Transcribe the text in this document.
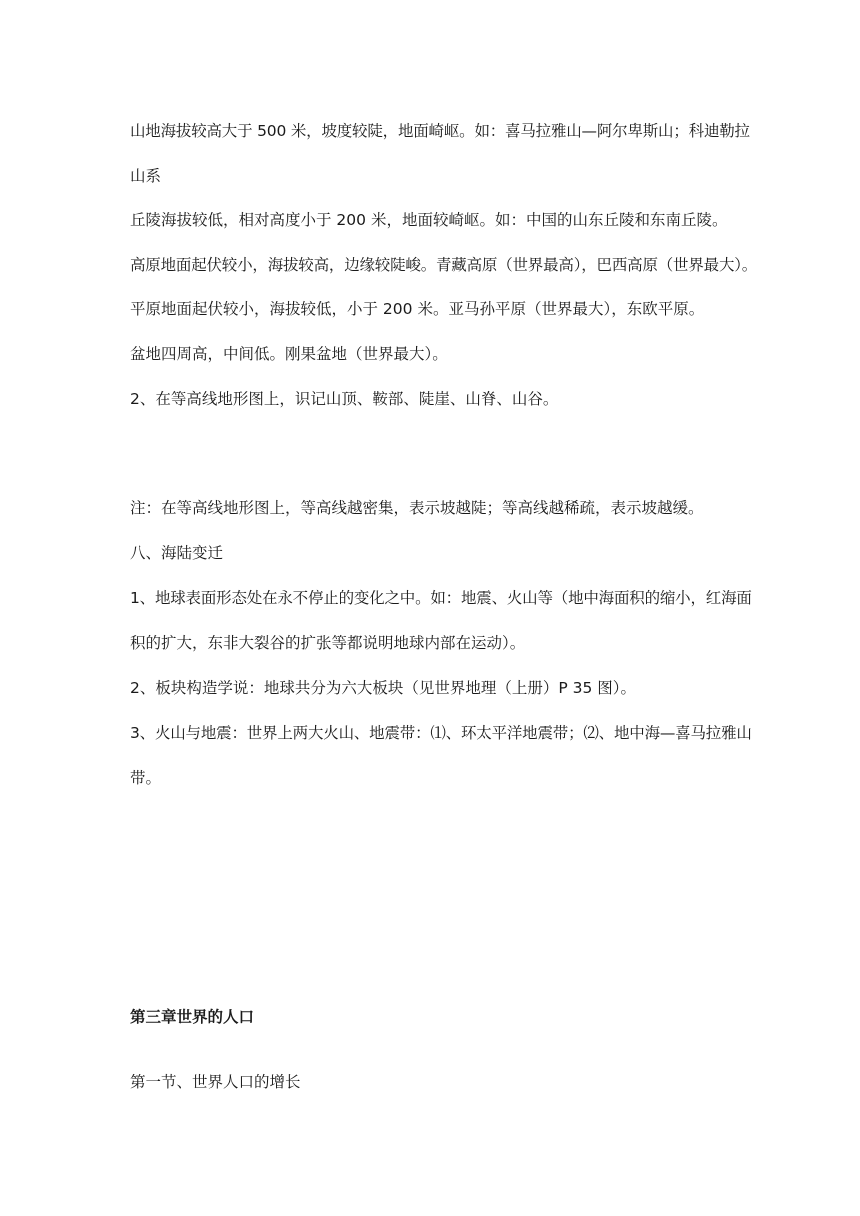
山地海拔较高大于 500 米，坡度较陡，地面崎岖。如：喜马拉雅山—阿尔卑斯山；科迪勒拉
山系
丘陵海拔较低，相对高度小于 200 米，地面较崎岖。如：中国的山东丘陵和东南丘陵。
高原地面起伏较小，海拔较高，边缘较陡峻。青藏高原（世界最高），巴西高原（世界最大）。
平原地面起伏较小，海拔较低，小于 200 米。亚马孙平原（世界最大），东欧平原。
盆地四周高，中间低。刚果盆地（世界最大）。
2、在等高线地形图上，识记山顶、鞍部、陡崖、山脊、山谷。
注：在等高线地形图上，等高线越密集，表示坡越陡；等高线越稀疏，表示坡越缓。
八、海陆变迁
1、地球表面形态处在永不停止的变化之中。如：地震、火山等（地中海面积的缩小，红海面
积的扩大，东非大裂谷的扩张等都说明地球内部在运动）。
2、板块构造学说：地球共分为六大板块（见世界地理（上册）P 35 图）。
3、火山与地震：世界上两大火山、地震带：⑴、环太平洋地震带；⑵、地中海—喜马拉雅山
带。
第三章世界的人口
第一节、世界人口的增长
